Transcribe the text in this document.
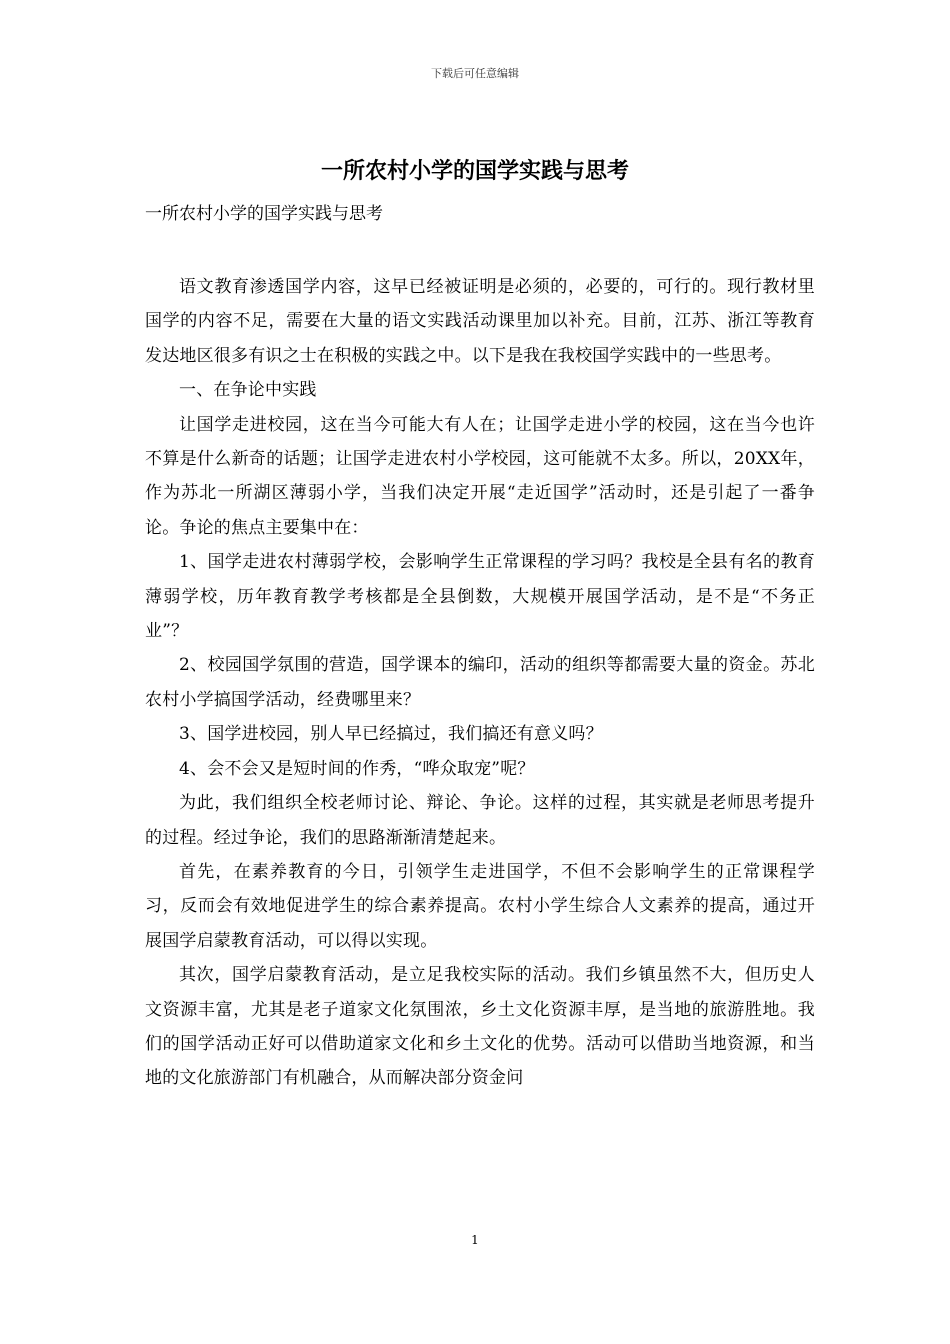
下载后可任意编辑
一所农村小学的国学实践与思考
一所农村小学的国学实践与思考

语文教育渗透国学内容，这早已经被证明是必须的，必要的，可行的。现行教材里国学的内容不足，需要在大量的语文实践活动课里加以补充。目前，江苏、浙江等教育发达地区很多有识之士在积极的实践之中。以下是我在我校国学实践中的一些思考。

一、在争论中实践

让国学走进校园，这在当今可能大有人在；让国学走进小学的校园，这在当今也许不算是什么新奇的话题；让国学走进农村小学校园，这可能就不太多。所以，20XX年，作为苏北一所湖区薄弱小学，当我们决定开展“走近国学”活动时，还是引起了一番争论。争论的焦点主要集中在：

1、国学走进农村薄弱学校，会影响学生正常课程的学习吗？我校是全县有名的教育薄弱学校，历年教育教学考核都是全县倒数，大规模开展国学活动，是不是“不务正业”？

2、校园国学氛围的营造，国学课本的编印，活动的组织等都需要大量的资金。苏北农村小学搞国学活动，经费哪里来？

3、国学进校园，别人早已经搞过，我们搞还有意义吗？

4、会不会又是短时间的作秀，“哗众取宠”呢？

为此，我们组织全校老师讨论、辩论、争论。这样的过程，其实就是老师思考提升的过程。经过争论，我们的思路渐渐清楚起来。

首先，在素养教育的今日，引领学生走进国学，不但不会影响学生的正常课程学习，反而会有效地促进学生的综合素养提高。农村小学生综合人文素养的提高，通过开展国学启蒙教育活动，可以得以实现。

其次，国学启蒙教育活动，是立足我校实际的活动。我们乡镇虽然不大，但历史人文资源丰富，尤其是老子道家文化氛围浓，乡土文化资源丰厚，是当地的旅游胜地。我们的国学活动正好可以借助道家文化和乡土文化的优势。活动可以借助当地资源，和当地的文化旅游部门有机融合，从而解决部分资金问

1
